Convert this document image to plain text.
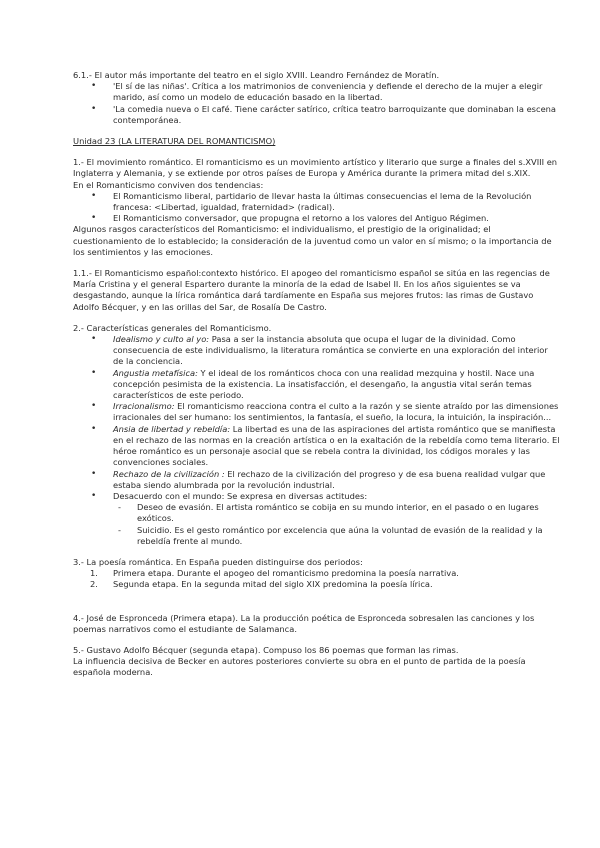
6.1.- El autor más importante del teatro en el siglo XVIII. Leandro Fernández de Moratín.

• 'El sí de las niñas'. Crítica a los matrimonios de conveniencia y defiende el derecho de la mujer a elegir marido, así como un modelo de educación basado en la libertad.
• 'La comedia nueva o El café. Tiene carácter satírico, crítica teatro barroquizante que dominaban la escena contemporánea.

Unidad 23 (LA LITERATURA DEL ROMANTICISMO)

1.- El movimiento romántico. El romanticismo es un movimiento artístico y literario que surge a finales del s.XVIII en Inglaterra y Alemania, y se extiende por otros países de Europa y América durante la primera mitad del s.XIX.

En el Romanticismo conviven dos tendencias:

• El Romanticismo liberal, partidario de llevar hasta la últimas consecuencias el lema de la Revolución francesa: <Libertad, igualdad, fraternidad> (radical).
• El Romanticismo conversador, que propugna el retorno a los valores del Antiguo Régimen.

Algunos rasgos característicos del Romanticismo: el individualismo, el prestigio de la originalidad; el cuestionamiento de lo establecido; la consideración de la juventud como un valor en sí mismo; o la importancia de los sentimientos y las emociones.

1.1.- El Romanticismo español:contexto histórico. El apogeo del romanticismo español se sitúa en las regencias de María Cristina y el general Espartero durante la minoría de la edad de Isabel II. En los años siguientes se va desgastando, aunque la lírica romántica dará tardíamente en España sus mejores frutos: las rimas de Gustavo Adolfo Bécquer, y en las orillas del Sar, de Rosalía De Castro.

2.- Características generales del Romanticismo.

• Idealismo y culto al yo: Pasa a ser la instancia absoluta que ocupa el lugar de la divinidad. Como consecuencia de este individualismo, la literatura romántica se convierte en una exploración del interior de la conciencia.
• Angustia metafísica: Y el ideal de los románticos choca con una realidad mezquina y hostil. Nace una concepción pesimista de la existencia. La insatisfacción, el desengaño, la angustia vital serán temas característicos de este periodo.
• Irracionalismo: El romanticismo reacciona contra el culto a la razón y se siente atraído por las dimensiones irracionales del ser humano: los sentimientos, la fantasía, el sueño, la locura, la intuición, la inspiración...
• Ansia de libertad y rebeldía: La libertad es una de las aspiraciones del artista romántico que se manifiesta en el rechazo de las normas en la creación artística o en la exaltación de la rebeldía como tema literario. El héroe romántico es un personaje asocial que se rebela contra la divinidad, los códigos morales y las convenciones sociales.
• Rechazo de la civilización : El rechazo de la civilización del progreso y de esa buena realidad vulgar que estaba siendo alumbrada por la revolución industrial.
• Desacuerdo con el mundo: Se expresa en diversas actitudes:
- Deseo de evasión. El artista romántico se cobija en su mundo interior, en el pasado o en lugares exóticos.
- Suicidio. Es el gesto romántico por excelencia que aúna la voluntad de evasión de la realidad y la rebeldía frente al mundo.

3.- La poesía romántica. En España pueden distinguirse dos periodos:

1. Primera etapa. Durante el apogeo del romanticismo predomina la poesía narrativa.
2. Segunda etapa. En la segunda mitad del siglo XIX predomina la poesía lírica.

4.- José de Espronceda (Primera etapa). La la producción poética de Espronceda sobresalen las canciones y los poemas narrativos como el estudiante de Salamanca.

5.- Gustavo Adolfo Bécquer (segunda etapa). Compuso los 86 poemas que forman las rimas.

La influencia decisiva de Becker en autores posteriores convierte su obra en el punto de partida de la poesía española moderna.
